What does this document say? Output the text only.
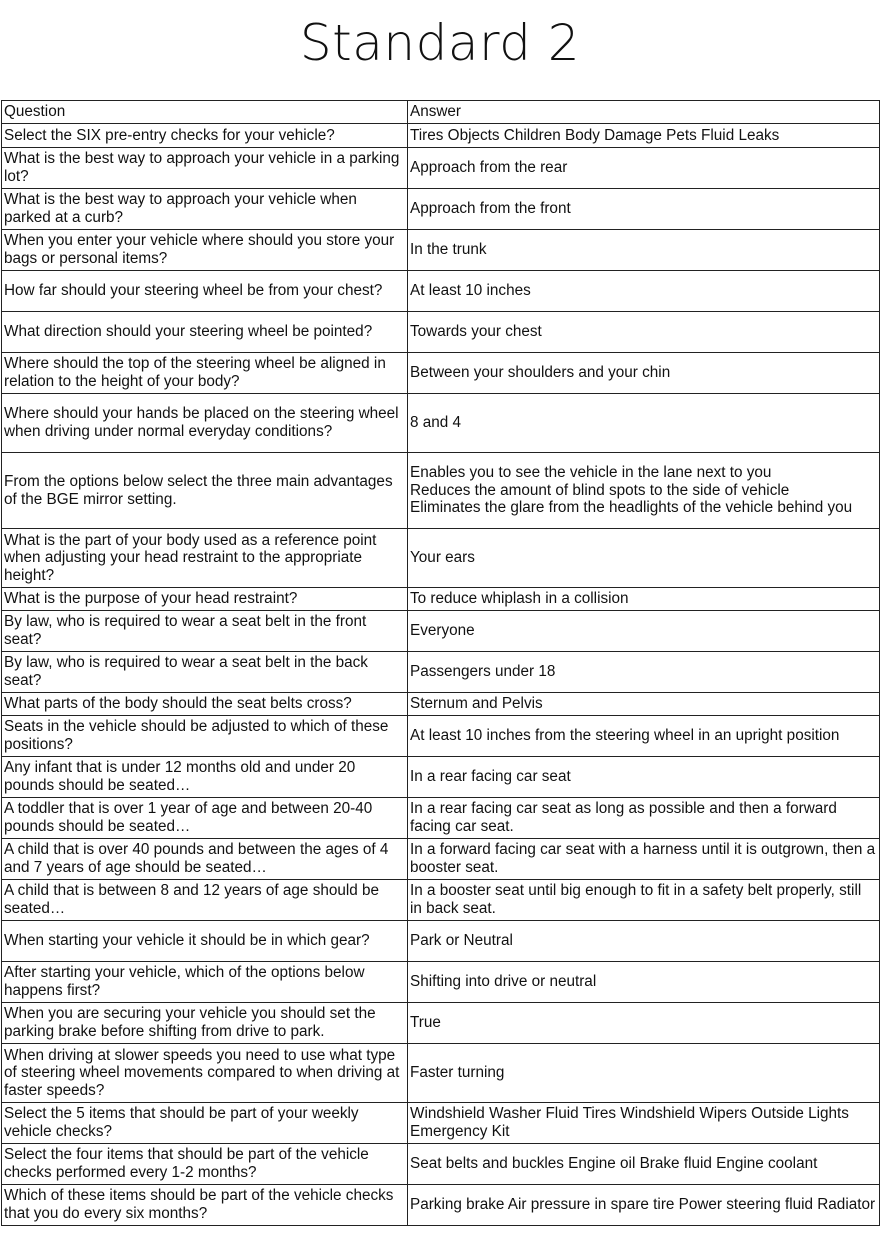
Standard 2
Question	Answer
Select the SIX pre-entry checks for your vehicle?	Tires Objects Children Body Damage Pets Fluid Leaks

What is the best way to approach your vehicle in a parking lot?	Approach from the rear

What is the best way to approach your vehicle when parked at a curb?	Approach from the front

When you enter your vehicle where should you store your bags or personal items?	In the trunk

How far should your steering wheel be from your chest?	At least 10 inches

What direction should your steering wheel be pointed?	Towards your chest

Where should the top of the steering wheel be aligned in relation to the height of your body?	Between your shoulders and your chin

Where should your hands be placed on the steering wheel when driving under normal everyday conditions?	8 and 4

From the options below select the three main advantages of the BGE mirror setting.	Enables you to see the vehicle in the lane next to you
Reduces the amount of blind spots to the side of vehicle
Eliminates the glare from the headlights of the vehicle behind you

What is the part of your body used as a reference point when adjusting your head restraint to the appropriate height?	Your ears

What is the purpose of your head restraint?	To reduce whiplash in a collision

By law, who is required to wear a seat belt in the front seat?	Everyone

By law, who is required to wear a seat belt in the back seat?	Passengers under 18

What parts of the body should the seat belts cross?	Sternum and Pelvis

Seats in the vehicle should be adjusted to which of these positions?	At least 10 inches from the steering wheel in an upright position

Any infant that is under 12 months old and under 20 pounds should be seated…	In a rear facing car seat

A toddler that is over 1 year of age and between 20-40 pounds should be seated…	In a rear facing car seat as long as possible and then a forward facing car seat.

A child that is over 40 pounds and between the ages of 4 and 7 years of age should be seated…	In a forward facing car seat with a harness until it is outgrown, then a booster seat.

A child that is between 8 and 12 years of age should be seated…	In a booster seat until big enough to fit in a safety belt properly, still in back seat.

When starting your vehicle it should be in which gear?	Park or Neutral

After starting your vehicle, which of the options below happens first?	Shifting into drive or neutral

When you are securing your vehicle you should set the parking brake before shifting from drive to park.	True

When driving at slower speeds you need to use what type of steering wheel movements compared to when driving at faster speeds?	Faster turning

Select the 5 items that should be part of your weekly vehicle checks?	Windshield Washer Fluid Tires Windshield Wipers Outside Lights Emergency Kit

Select the four items that should be part of the vehicle checks performed every 1-2 months?	Seat belts and buckles Engine oil Brake fluid Engine coolant

Which of these items should be part of the vehicle checks that you do every six months?	Parking brake Air pressure in spare tire Power steering fluid Radiator
